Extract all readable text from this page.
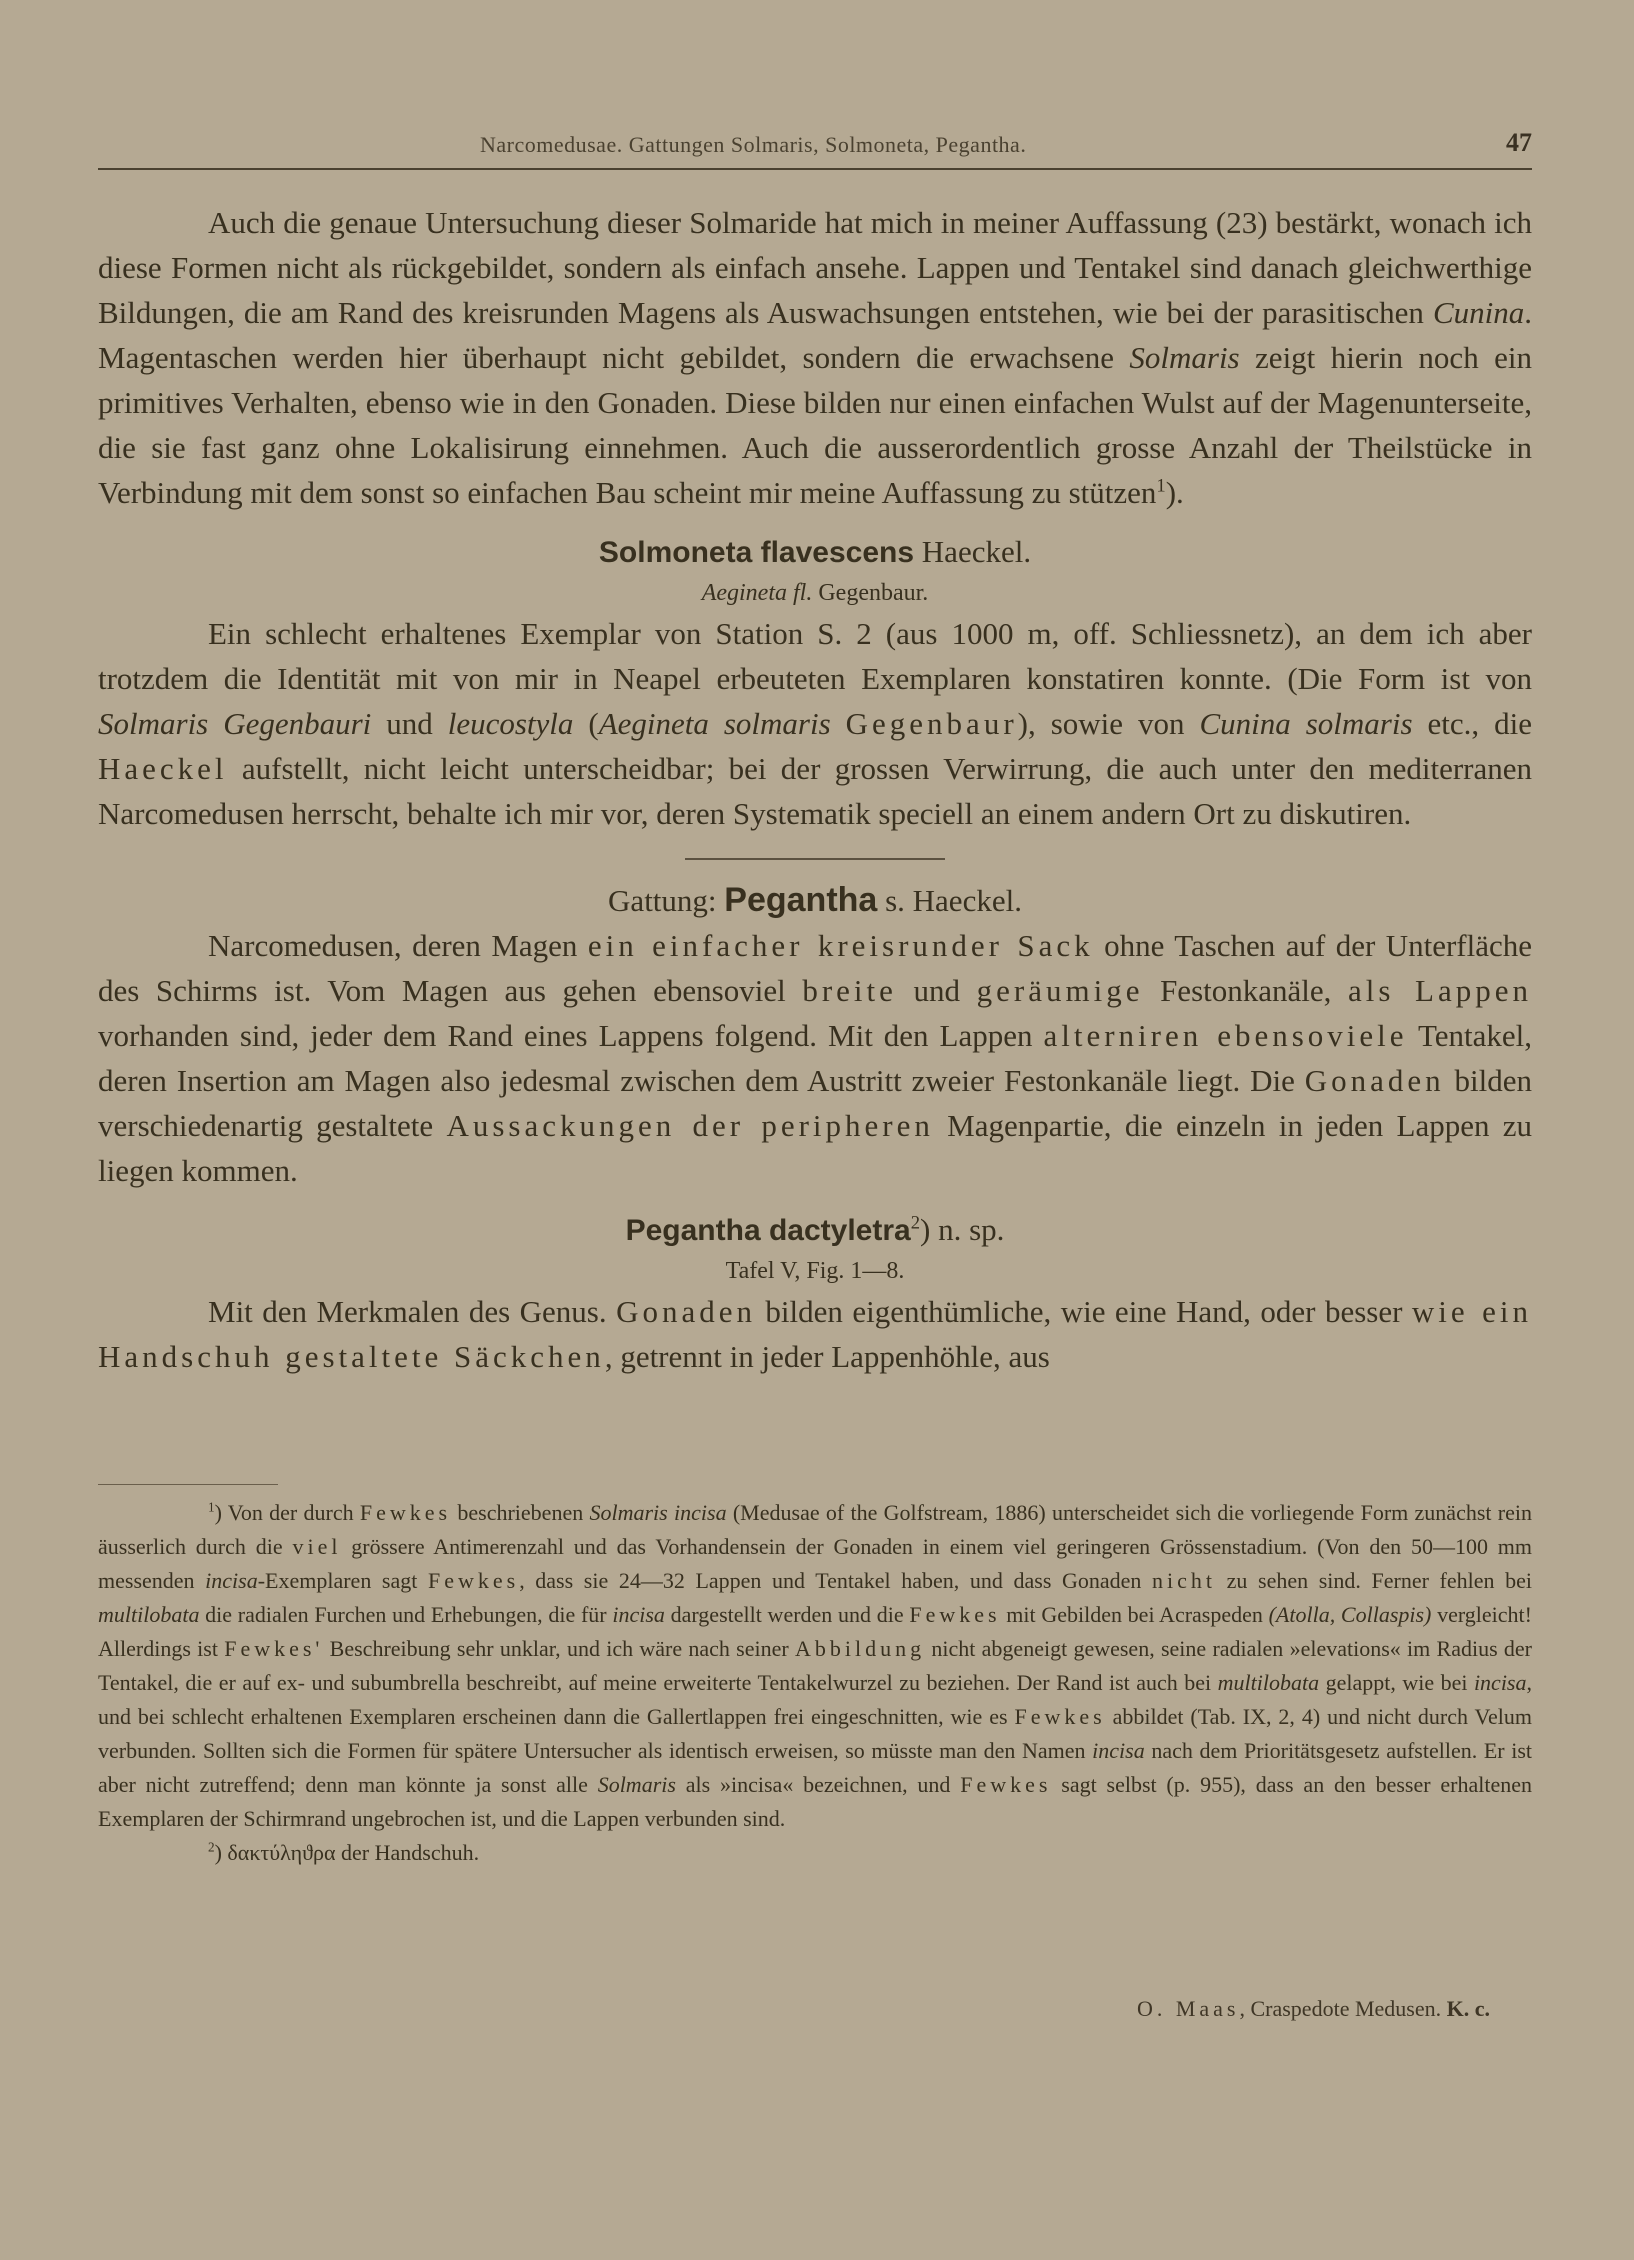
Narcomedusae. Gattungen Solmaris, Solmoneta, Pegantha.	47

Auch die genaue Untersuchung dieser Solmaride hat mich in meiner Auffassung (23) bestärkt, wonach ich diese Formen nicht als rückgebildet, sondern als einfach ansehe. Lappen und Tentakel sind danach gleichwerthige Bildungen, die am Rand des kreisrunden Magens als Auswachsungen entstehen, wie bei der parasitischen Cunina. Magentaschen werden hier überhaupt nicht gebildet, sondern die erwachsene Solmaris zeigt hierin noch ein primitives Verhalten, ebenso wie in den Gonaden. Diese bilden nur einen einfachen Wulst auf der Magenunterseite, die sie fast ganz ohne Lokalisirung einnehmen. Auch die ausserordentlich grosse Anzahl der Theilstücke in Verbindung mit dem sonst so einfachen Bau scheint mir meine Auffassung zu stützen$^1$).

Solmoneta flavescens Haeckel.
Aegineta fl. Gegenbaur.

Ein schlecht erhaltenes Exemplar von Station S. 2 (aus 1000 m, off. Schliessnetz), an dem ich aber trotzdem die Identität mit von mir in Neapel erbeuteten Exemplaren konstatiren konnte. (Die Form ist von Solmaris Gegenbauri und leucostyla (Aegineta solmaris Gegenbaur), sowie von Cunina solmaris etc., die Haeckel aufstellt, nicht leicht unterscheidbar; bei der grossen Verwirrung, die auch unter den mediterranen Narcomedusen herrscht, behalte ich mir vor, deren Systematik speciell an einem andern Ort zu diskutiren.

Gattung: Pegantha s. Haeckel.

Narcomedusen, deren Magen ein einfacher kreisrunder Sack ohne Taschen auf der Unterfläche des Schirms ist. Vom Magen aus gehen ebensoviel breite und geräumige Festonkanäle, als Lappen vorhanden sind, jeder dem Rand eines Lappens folgend. Mit den Lappen alterniren ebensoviele Tentakel, deren Insertion am Magen also jedesmal zwischen dem Austritt zweier Festonkanäle liegt. Die Gonaden bilden verschiedenartig gestaltete Aussackungen der peripheren Magenpartie, die einzeln in jeden Lappen zu liegen kommen.

Pegantha dactyletra$^2$) n. sp.
Tafel V, Fig. 1—8.

Mit den Merkmalen des Genus. Gonaden bilden eigenthümliche, wie eine Hand, oder besser wie ein Handschuh gestaltete Säckchen, getrennt in jeder Lappenhöhle, aus

$^1$) Von der durch Fewkes beschriebenen Solmaris incisa (Medusae of the Golfstream, 1886) unterscheidet sich die vorliegende Form zunächst rein äusserlich durch die viel grössere Antimerenzahl und das Vorhandensein der Gonaden in einem viel geringeren Grössenstadium. (Von den 50—100 mm messenden incisa-Exemplaren sagt Fewkes, dass sie 24—32 Lappen und Tentakel haben, und dass Gonaden nicht zu sehen sind. Ferner fehlen bei multilobata die radialen Furchen und Erhebungen, die für incisa dargestellt werden und die Fewkes mit Gebilden bei Acraspeden (Atolla, Collaspis) vergleicht! Allerdings ist Fewkes' Beschreibung sehr unklar, und ich wäre nach seiner Abbildung nicht abgeneigt gewesen, seine radialen »elevations« im Radius der Tentakel, die er auf ex- und subumbrella beschreibt, auf meine erweiterte Tentakelwurzel zu beziehen. Der Rand ist auch bei multilobata gelappt, wie bei incisa, und bei schlecht erhaltenen Exemplaren erscheinen dann die Gallertlappen frei eingeschnitten, wie es Fewkes abbildet (Tab. IX, 2, 4) und nicht durch Velum verbunden. Sollten sich die Formen für spätere Untersucher als identisch erweisen, so müsste man den Namen incisa nach dem Prioritätsgesetz aufstellen. Er ist aber nicht zutreffend; denn man könnte ja sonst alle Solmaris als »incisa« bezeichnen, und Fewkes sagt selbst (p. 955), dass an den besser erhaltenen Exemplaren der Schirmrand ungebrochen ist, und die Lappen verbunden sind.

$^2$) δακτύληϑρα der Handschuh.

O. Maas, Craspedote Medusen. K. c.
